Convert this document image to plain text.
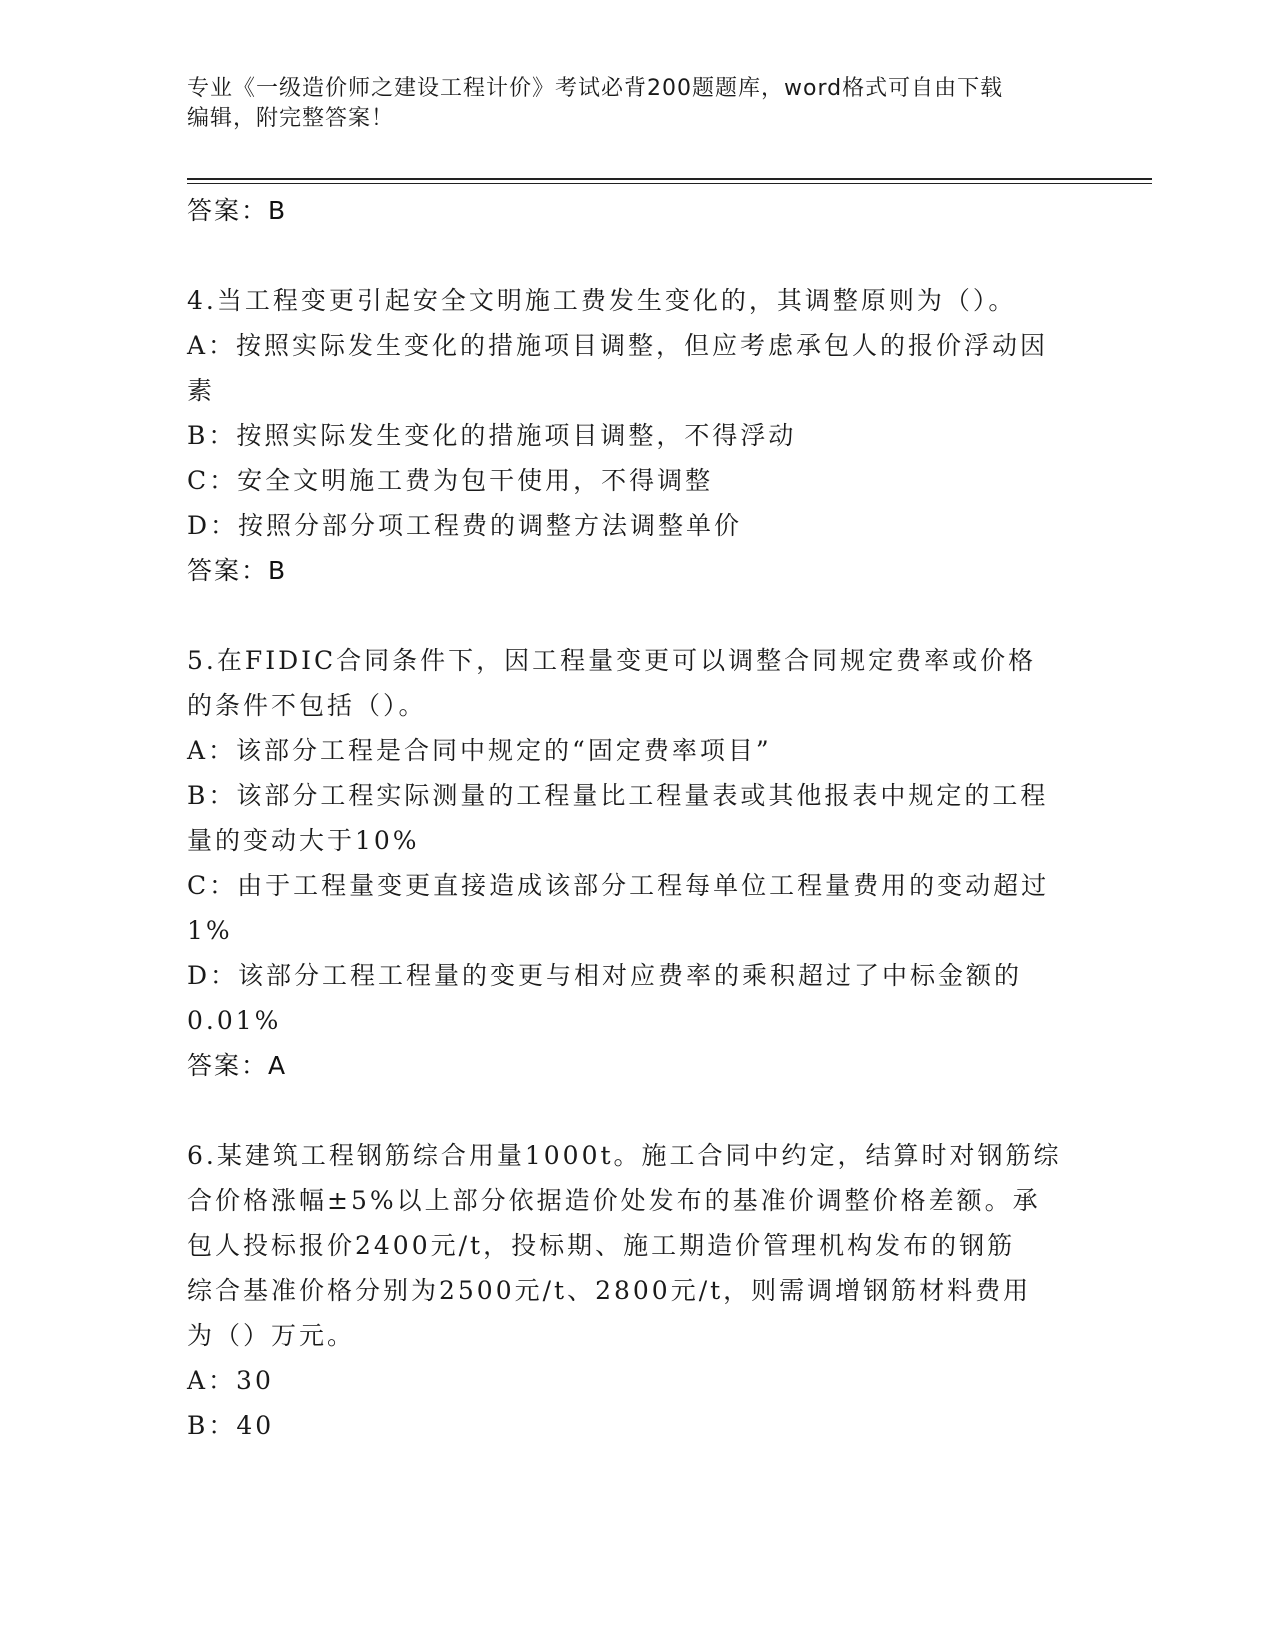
专业《一级造价师之建设工程计价》考试必背200题题库，word格式可自由下载
编辑，附完整答案！
答案：B
4.当工程变更引起安全文明施工费发生变化的，其调整原则为（）。
A：按照实际发生变化的措施项目调整，但应考虑承包人的报价浮动因
素
B：按照实际发生变化的措施项目调整，不得浮动
C：安全文明施工费为包干使用，不得调整
D：按照分部分项工程费的调整方法调整单价
答案：B
5.在FIDIC合同条件下，因工程量变更可以调整合同规定费率或价格
的条件不包括（）。
A：该部分工程是合同中规定的“固定费率项目”
B：该部分工程实际测量的工程量比工程量表或其他报表中规定的工程
量的变动大于10%
C：由于工程量变更直接造成该部分工程每单位工程量费用的变动超过
1%
D：该部分工程工程量的变更与相对应费率的乘积超过了中标金额的
0.01%
答案：A
6.某建筑工程钢筋综合用量1000t。施工合同中约定，结算时对钢筋综
合价格涨幅±5%以上部分依据造价处发布的基准价调整价格差额。承
包人投标报价2400元/t，投标期、施工期造价管理机构发布的钢筋
综合基准价格分别为2500元/t、2800元/t，则需调增钢筋材料费用
为（）万元。
A：30
B：40
